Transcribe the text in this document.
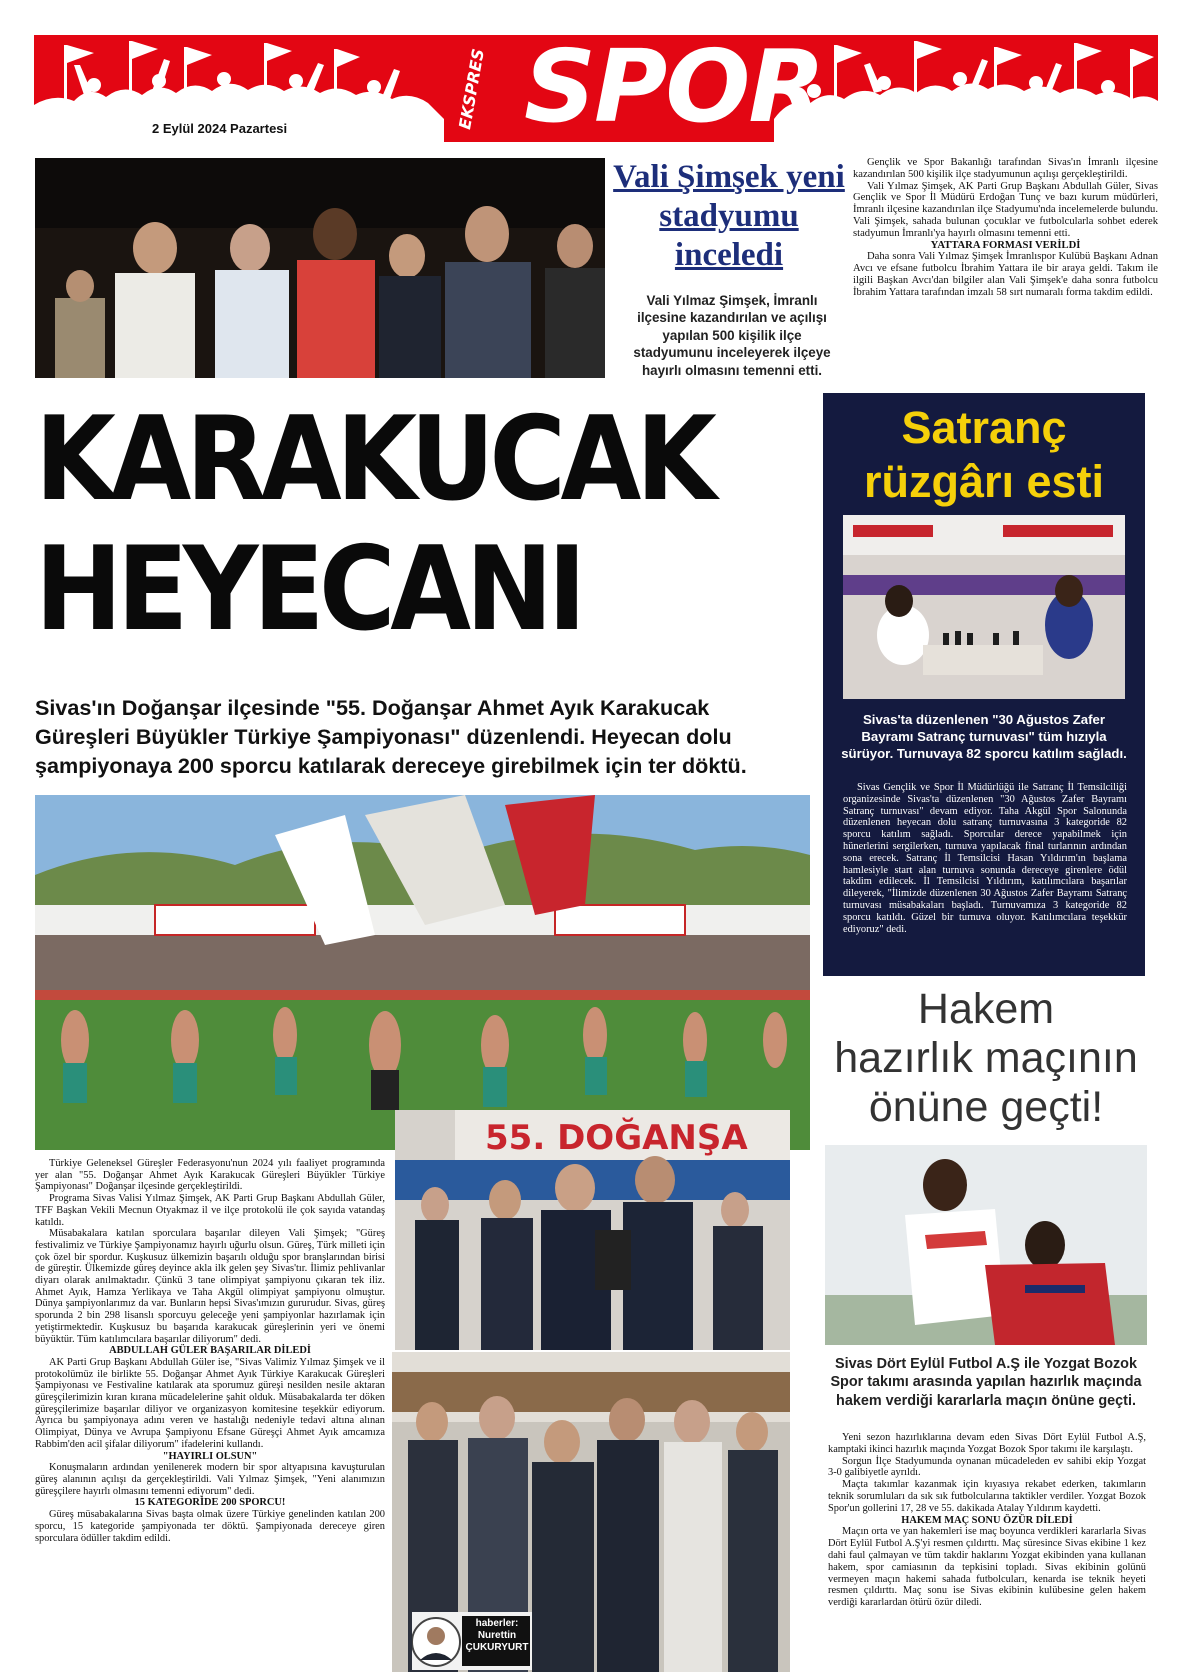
EKSPRES SPOR
2 Eylül 2024 Pazartesi
Vali Şimşek yeni stadyumu inceledi
Vali Yılmaz Şimşek, İmranlı ilçesine kazandırılan ve açılışı yapılan 500 kişilik ilçe stadyumunu inceleyerek ilçeye hayırlı olmasını temenni etti.

Gençlik ve Spor Bakanlığı tarafından Sivas'ın İmranlı ilçesine kazandırılan 500 kişilik ilçe stadyumunun açılışı gerçekleştirildi.

Vali Yılmaz Şimşek, AK Parti Grup Başkanı Abdullah Güler, Sivas Gençlik ve Spor İl Müdürü Erdoğan Tunç ve bazı kurum müdürleri, İmranlı ilçesine kazandırılan ilçe Stadyumu'nda incelemelerde bulundu. Vali Şimşek, sahada bulunan çocuklar ve futbolcularla sohbet ederek stadyumun İmranlı'ya hayırlı olmasını temenni etti.

YATTARA FORMASI VERİLDİ

Daha sonra Vali Yılmaz Şimşek İmranlıspor Kulübü Başkanı Adnan Avcı ve efsane futbolcu İbrahim Yattara ile bir araya geldi. Takım ile ilgili Başkan Avcı'dan bilgiler alan Vali Şimşek'e daha sonra futbolcu İbrahim Yattara tarafından imzalı 58 sırt numaralı forma takdim edildi.

KARAKUCAK
HEYECANI
Sivas'ın Doğanşar ilçesinde "55. Doğanşar Ahmet Ayık Karakucak Güreşleri Büyükler Türkiye Şampiyonası" düzenlendi. Heyecan dolu şampiyonaya 200 sporcu katılarak dereceye girebilmek için ter döktü.

Türkiye Geleneksel Güreşler Federasyonu'nun 2024 yılı faaliyet programında yer alan "55. Doğanşar Ahmet Ayık Karakucak Güreşleri Büyükler Türkiye Şampiyonası" Doğanşar ilçesinde gerçekleştirildi.

Programa Sivas Valisi Yılmaz Şimşek, AK Parti Grup Başkanı Abdullah Güler, TFF Başkan Vekili Mecnun Otyakmaz il ve ilçe protokolü ile çok sayıda vatandaş katıldı.

Müsabakalara katılan sporculara başarılar dileyen Vali Şimşek; "Güreş festivalimiz ve Türkiye Şampiyonamız hayırlı uğurlu olsun. Güreş, Türk milleti için çok özel bir spordur. Kuşkusuz ülkemizin başarılı olduğu spor branşlarından birisi de güreştir. Ülkemizde güreş deyince akla ilk gelen şey Sivas'tır. İlimiz pehlivanlar diyarı olarak anılmaktadır. Çünkü 3 tane olimpiyat şampiyonu çıkaran tek iliz. Ahmet Ayık, Hamza Yerlikaya ve Taha Akgül olimpiyat şampiyonu olmuştur. Dünya şampiyonlarımız da var. Bunların hepsi Sivas'ımızın gururudur. Sivas, güreş sporunda 2 bin 298 lisanslı sporcuyu geleceğe yeni şampiyonlar hazırlamak için yetiştirmektedir. Kuşkusuz bu başarıda karakucak güreşlerinin yeri ve önemi büyüktür. Tüm katılımcılara başarılar diliyorum" dedi.

ABDULLAH GÜLER BAŞARILAR DİLEDİ

AK Parti Grup Başkanı Abdullah Güler ise, "Sivas Valimiz Yılmaz Şimşek ve il protokolümüz ile birlikte 55. Doğanşar Ahmet Ayık Türkiye Karakucak Güreşleri Şampiyonası ve Festivaline katılarak ata sporumuz güreşi nesilden nesile aktaran güreşçilerimizin kıran kırana mücadelelerine şahit olduk. Müsabakalarda ter döken güreşçilerimize başarılar diliyor ve organizasyon komitesine teşekkür ediyorum. Ayrıca bu şampiyonaya adını veren ve hastalığı nedeniyle tedavi altına alınan Olimpiyat, Dünya ve Avrupa Şampiyonu Efsane Güreşçi Ahmet Ayık amcamıza Rabbim'den acil şifalar diliyorum" ifadelerini kullandı.

"HAYIRLI OLSUN"

Konuşmaların ardından yenilenerek modern bir spor altyapısına kavuşturulan güreş alanının açılışı da gerçekleştirildi. Vali Yılmaz Şimşek, "Yeni alanımızın güreşçilere hayırlı olmasını temenni ediyorum" dedi.

15 KATEGORİDE 200 SPORCU!

Güreş müsabakalarına Sivas başta olmak üzere Türkiye genelinden katılan 200 sporcu, 15 kategoride şampiyonada ter döktü. Şampiyonada dereceye giren sporculara ödüller takdim edildi.

55. DOĞANŞA
haberler:
Nurettin ÇUKURYURT
Satranç
rüzgârı esti
Sivas'ta düzenlenen "30 Ağustos Zafer Bayramı Satranç turnuvası" tüm hızıyla sürüyor. Turnuvaya 82 sporcu katılım sağladı.

Sivas Gençlik ve Spor İl Müdürlüğü ile Satranç İl Temsilciliği organizesinde Sivas'ta düzenlenen "30 Ağustos Zafer Bayramı Satranç turnuvası" devam ediyor. Taha Akgül Spor Salonunda düzenlenen heyecan dolu satranç turnuvasına 3 kategoride 82 sporcu katılım sağladı. Sporcular derece yapabilmek için hünerlerini sergilerken, turnuva yapılacak final turlarının ardından sona erecek. Satranç İl Temsilcisi Hasan Yıldırım'ın başlama hamlesiyle start alan turnuva sonunda dereceye girenlere ödül takdim edilecek. İl Temsilcisi Yıldırım, katılımcılara başarılar dileyerek, "İlimizde düzenlenen 30 Ağustos Zafer Bayramı Satranç turnuvası müsabakaları başladı. Turnuvamıza 3 kategoride 82 sporcu katıldı. Güzel bir turnuva oluyor. Katılımcılara teşekkür ediyoruz" dedi.

Hakem
hazırlık maçının
önüne geçti!
Sivas Dört Eylül Futbol A.Ş ile Yozgat Bozok Spor takımı arasında yapılan hazırlık maçında hakem verdiği kararlarla maçın önüne geçti.

Yeni sezon hazırlıklarına devam eden Sivas Dört Eylül Futbol A.Ş, kamptaki ikinci hazırlık maçında Yozgat Bozok Spor takımı ile karşılaştı.

Sorgun İlçe Stadyumunda oynanan mücadeleden ev sahibi ekip Yozgat 3-0 galibiyetle ayrıldı.

Maçta takımlar kazanmak için kıyasıya rekabet ederken, takımların teknik sorumluları da sık sık futbolcularına taktikler verdiler. Yozgat Bozok Spor'un gollerini 17, 28 ve 55. dakikada Atalay Yıldırım kaydetti.

HAKEM MAÇ SONU ÖZÜR DİLEDİ

Maçın orta ve yan hakemleri ise maç boyunca verdikleri kararlarla Sivas Dört Eylül Futbol A.Ş'yi resmen çıldırttı. Maç süresince Sivas ekibine 1 kez dahi faul çalmayan ve tüm takdir haklarını Yozgat ekibinden yana kullanan hakem, spor camiasının da tepkisini topladı. Sivas ekibinin golünü vermeyen maçın hakemi sahada futbolcuları, kenarda ise teknik heyeti resmen çıldırttı. Maç sonu ise Sivas ekibinin kulübesine gelen hakem verdiği kararlardan ötürü özür diledi.
